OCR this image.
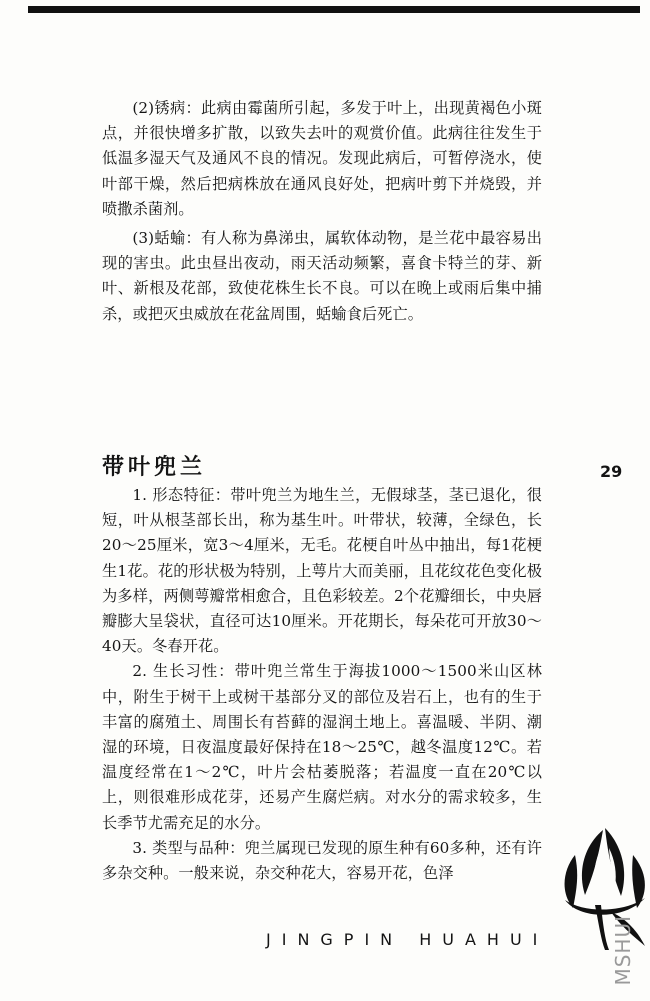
(2)锈病：此病由霉菌所引起，多发于叶上，出现黄褐色小斑点，并很快增多扩散，以致失去叶的观赏价值。此病往往发生于低温多湿天气及通风不良的情况。发现此病后，可暂停浇水，使叶部干燥，然后把病株放在通风良好处，把病叶剪下并烧毁，并喷撒杀菌剂。

(3)蛞蝓：有人称为鼻涕虫，属软体动物，是兰花中最容易出现的害虫。此虫昼出夜动，雨天活动频繁，喜食卡特兰的芽、新叶、新根及花部，致使花株生长不良。可以在晚上或雨后集中捕杀，或把灭虫威放在花盆周围，蛞蝓食后死亡。

带叶兜兰	29

1. 形态特征：带叶兜兰为地生兰，无假球茎，茎已退化，很短，叶从根茎部长出，称为基生叶。叶带状，较薄，全绿色，长20～25厘米，宽3～4厘米，无毛。花梗自叶丛中抽出，每1花梗生1花。花的形状极为特别，上萼片大而美丽，且花纹花色变化极为多样，两侧萼瓣常相愈合，且色彩较差。2个花瓣细长，中央唇瓣膨大呈袋状，直径可达10厘米。开花期长，每朵花可开放30～40天。冬春开花。

2. 生长习性：带叶兜兰常生于海拔1000～1500米山区林中，附生于树干上或树干基部分叉的部位及岩石上，也有的生于丰富的腐殖土、周围长有苔藓的湿润土地上。喜温暖、半阴、潮湿的环境，日夜温度最好保持在18～25℃，越冬温度12℃。若温度经常在1～2℃，叶片会枯萎脱落；若温度一直在20℃以上，则很难形成花芽，还易产生腐烂病。对水分的需求较多，生长季节尤需充足的水分。

3. 类型与品种：兜兰属现已发现的原生种有60多种，还有许多杂交种。一般来说，杂交种花大，容易开花，色泽

JINGPIN HUAHUI	MSHUI
